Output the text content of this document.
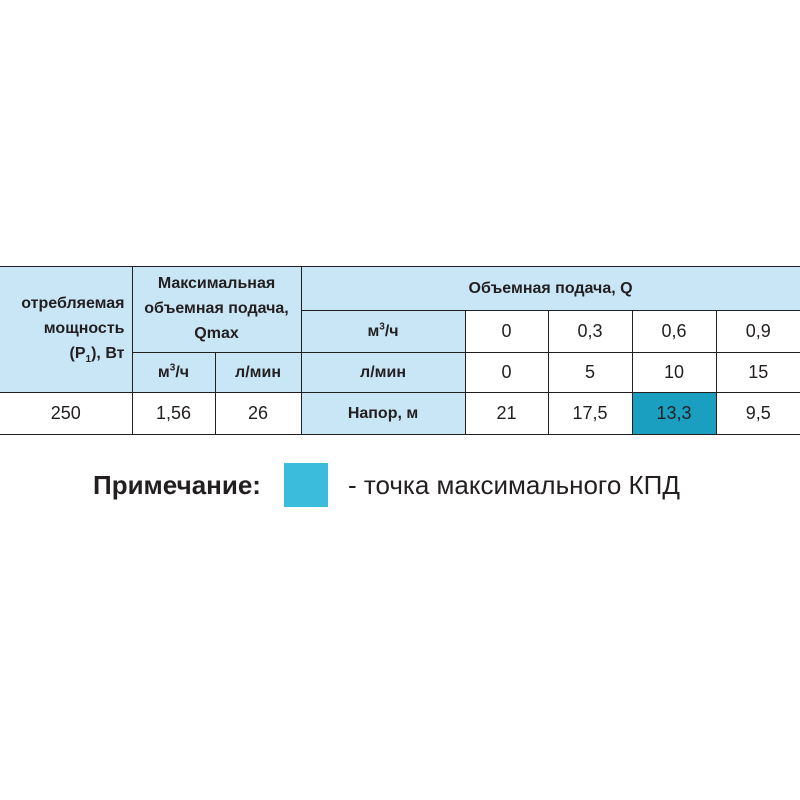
отребляемая
мощность
$(P_1)$, Вт	Максимальная объемная подача, Qmax		Объемная подача, Q				
			$м^3/ч$	0	0,3	0,6	0,9
	$м^3/ч$	л/мин	л/мин	0	5	10	15
250	1,56	26	Напор, м	21	17,5	13,3	9,5
Примечание:	- точка максимального КПД
